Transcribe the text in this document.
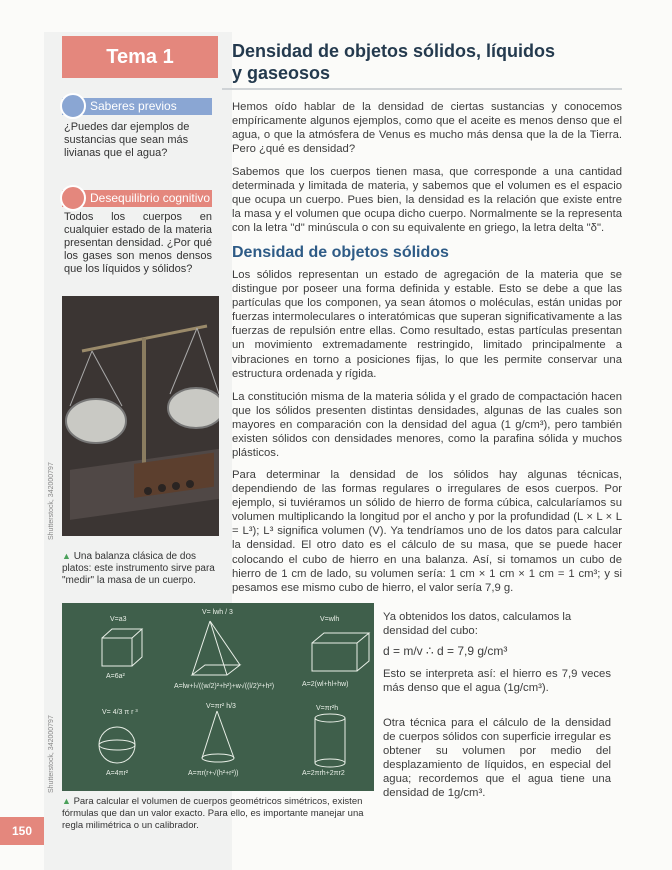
Tema 1	Densidad de objetos sólidos, líquidos
y gaseosos
Saberes previos
¿Puedes dar ejemplos de sustancias que sean más livianas que el agua?
Desequilibrio cognitivo
Todos los cuerpos en cualquier estado de la materia presentan densidad. ¿Por qué los gases son menos densos que los líquidos y sólidos?
Shutterstock, 342000797
▲ Una balanza clásica de dos platos: este instrumento sirve para "medir" la masa de un cuerpo.
Hemos oído hablar de la densidad de ciertas sustancias y conocemos empíricamente algunos ejemplos, como que el aceite es menos denso que el agua, o que la atmósfera de Venus es mucho más densa que la de la Tierra. Pero ¿qué es densidad?
Sabemos que los cuerpos tienen masa, que corresponde a una cantidad determinada y limitada de materia, y sabemos que el volumen es el espacio que ocupa un cuerpo. Pues bien, la densidad es la relación que existe entre la masa y el volumen que ocupa dicho cuerpo. Normalmente se la representa con la letra "d" minúscula o con su equivalente en griego, la letra delta "δ".
Densidad de objetos sólidos
Los sólidos representan un estado de agregación de la materia que se distingue por poseer una forma definida y estable. Esto se debe a que las partículas que los componen, ya sean átomos o moléculas, están unidas por fuerzas intermoleculares o interatómicas que superan significativamente a las fuerzas de repulsión entre ellas. Como resultado, estas partículas presentan un movimiento extremadamente restringido, limitado principalmente a vibraciones en torno a posiciones fijas, lo que les permite conservar una estructura ordenada y rígida.
La constitución misma de la materia sólida y el grado de compactación hacen que los sólidos presenten distintas densidades, algunas de las cuales son mayores en comparación con la densidad del agua (1 g/cm³), pero también existen sólidos con densidades menores, como la parafina sólida y muchos plásticos.
Para determinar la densidad de los sólidos hay algunas técnicas, dependiendo de las formas regulares o irregulares de esos cuerpos. Por ejemplo, si tuviéramos un sólido de hierro de forma cúbica, calcularíamos su volumen multiplicando la longitud por el ancho y por la profundidad (L × L × L = L³); L³ significa volumen (V). Ya tendríamos uno de los datos para calcular la densidad. El otro dato es el cálculo de su masa, que se puede hacer colocando el cubo de hierro en una balanza. Así, si tomamos un cubo de hierro de 1 cm de lado, su volumen sería: 1 cm × 1 cm × 1 cm = 1 cm³; y si pesamos ese mismo cubo de hierro, el valor sería 7,9 g.
V=a3
A=6a²
V= lwh / 3
A=lw+l√((w/2)²+h²)+w√((l/2)²+h²)
V=wlh
A=2(wl+hl+hw)
V= 4/3 π r ³
A=4πr²
V=πr² h/3
A=πr(r+√(h²+r²))
V=πr²h
A=2πrh+2πr2
Shutterstock, 342000797
▲ Para calcular el volumen de cuerpos geométricos simétricos, existen fórmulas que dan un valor exacto. Para ello, es importante manejar una regla milimétrica o un calibrador.
Ya obtenidos los datos, calculamos la densidad del cubo:
d = m/v ∴ d = 7,9 g/cm³
Esto se interpreta así: el hierro es 7,9 veces más denso que el agua (1g/cm³).
Otra técnica para el cálculo de la densidad de cuerpos sólidos con superficie irregular es obtener su volumen por medio del desplazamiento de líquidos, en especial del agua; recordemos que el agua tiene una densidad de 1g/cm³.
150
